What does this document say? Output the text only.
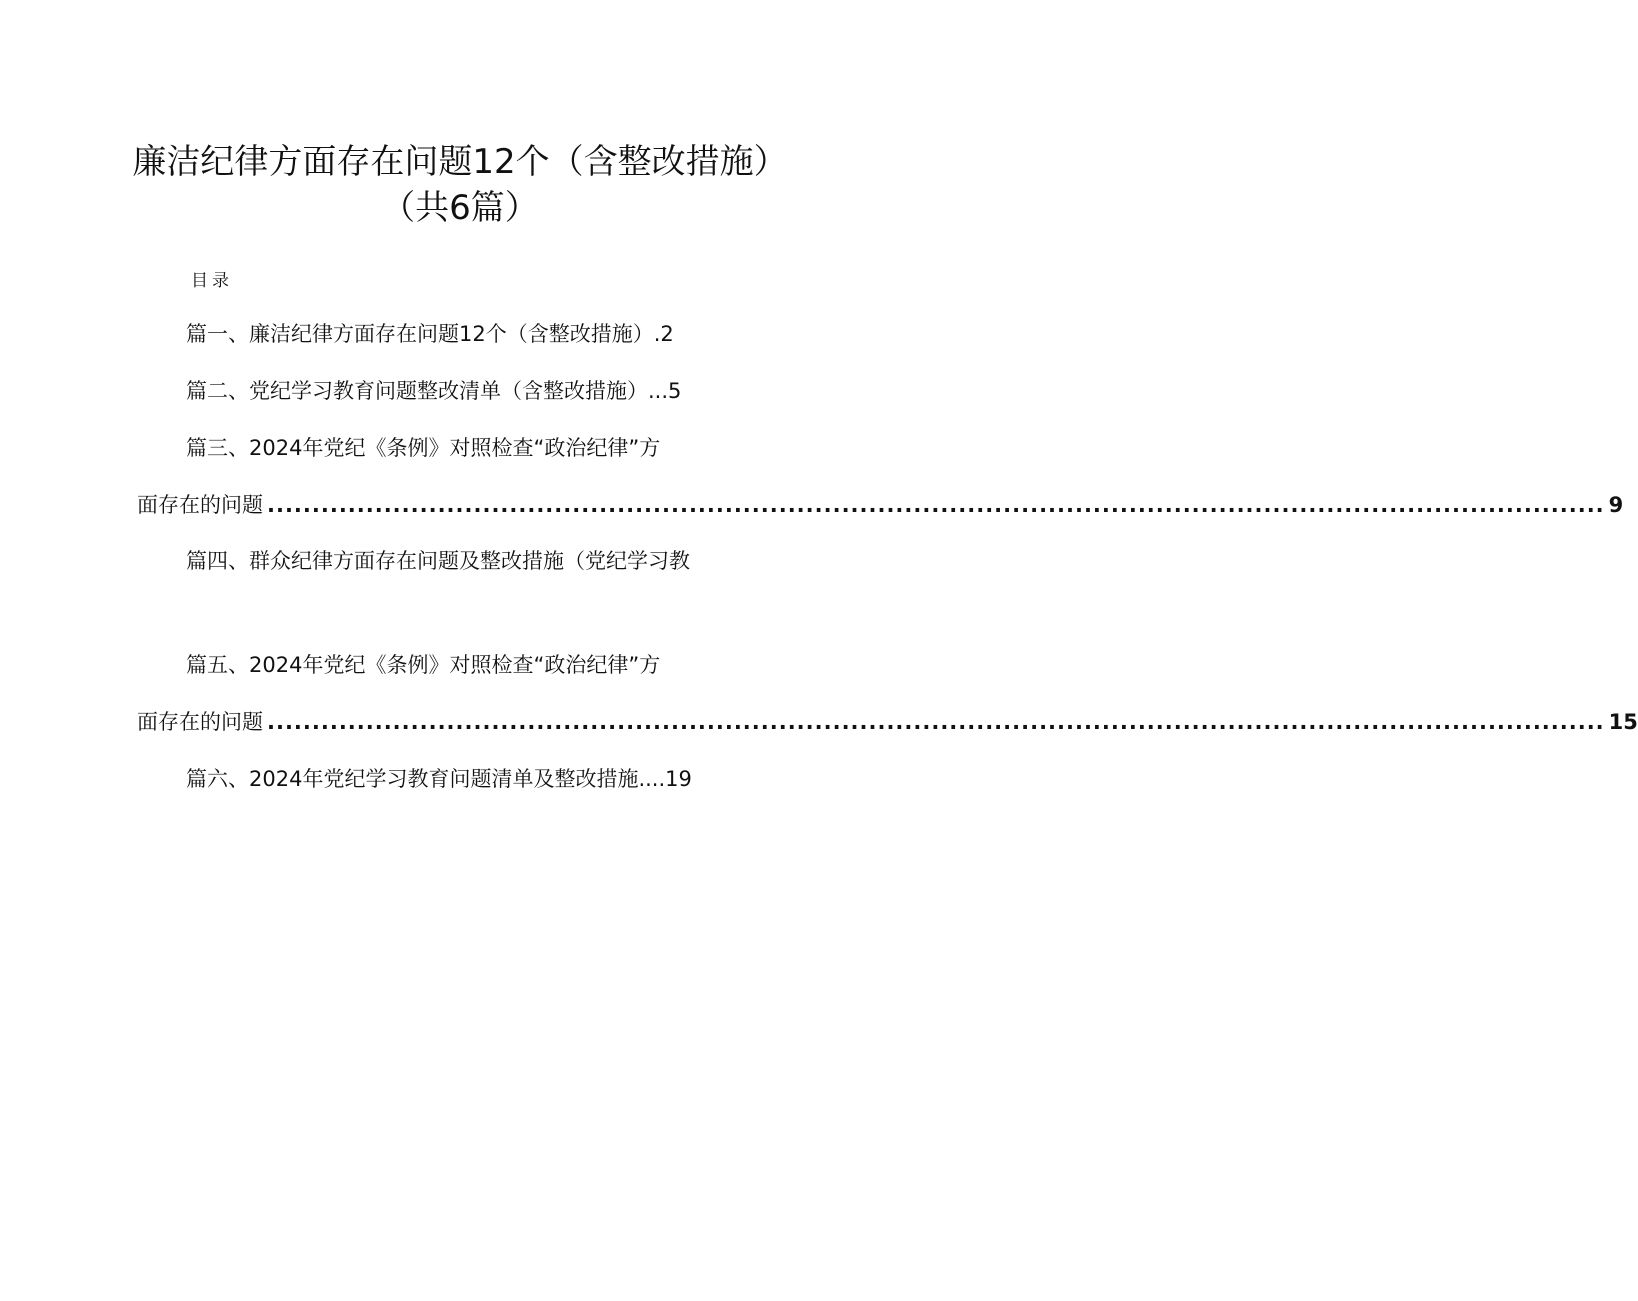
廉洁纪律方面存在问题12个（含整改措施）
（共6篇）
目录
篇一、廉洁纪律方面存在问题12个（含整改措施）.2
篇二、党纪学习教育问题整改清单（含整改措施）...5
篇三、2024年党纪《条例》对照检查“政治纪律”方
面存在的问题 ..................................................................................................................................................... 9
篇四、群众纪律方面存在问题及整改措施（党纪学习教
篇五、2024年党纪《条例》对照检查“政治纪律”方
面存在的问题 ..................................................................................................................................................... 15
篇六、2024年党纪学习教育问题清单及整改措施....19
